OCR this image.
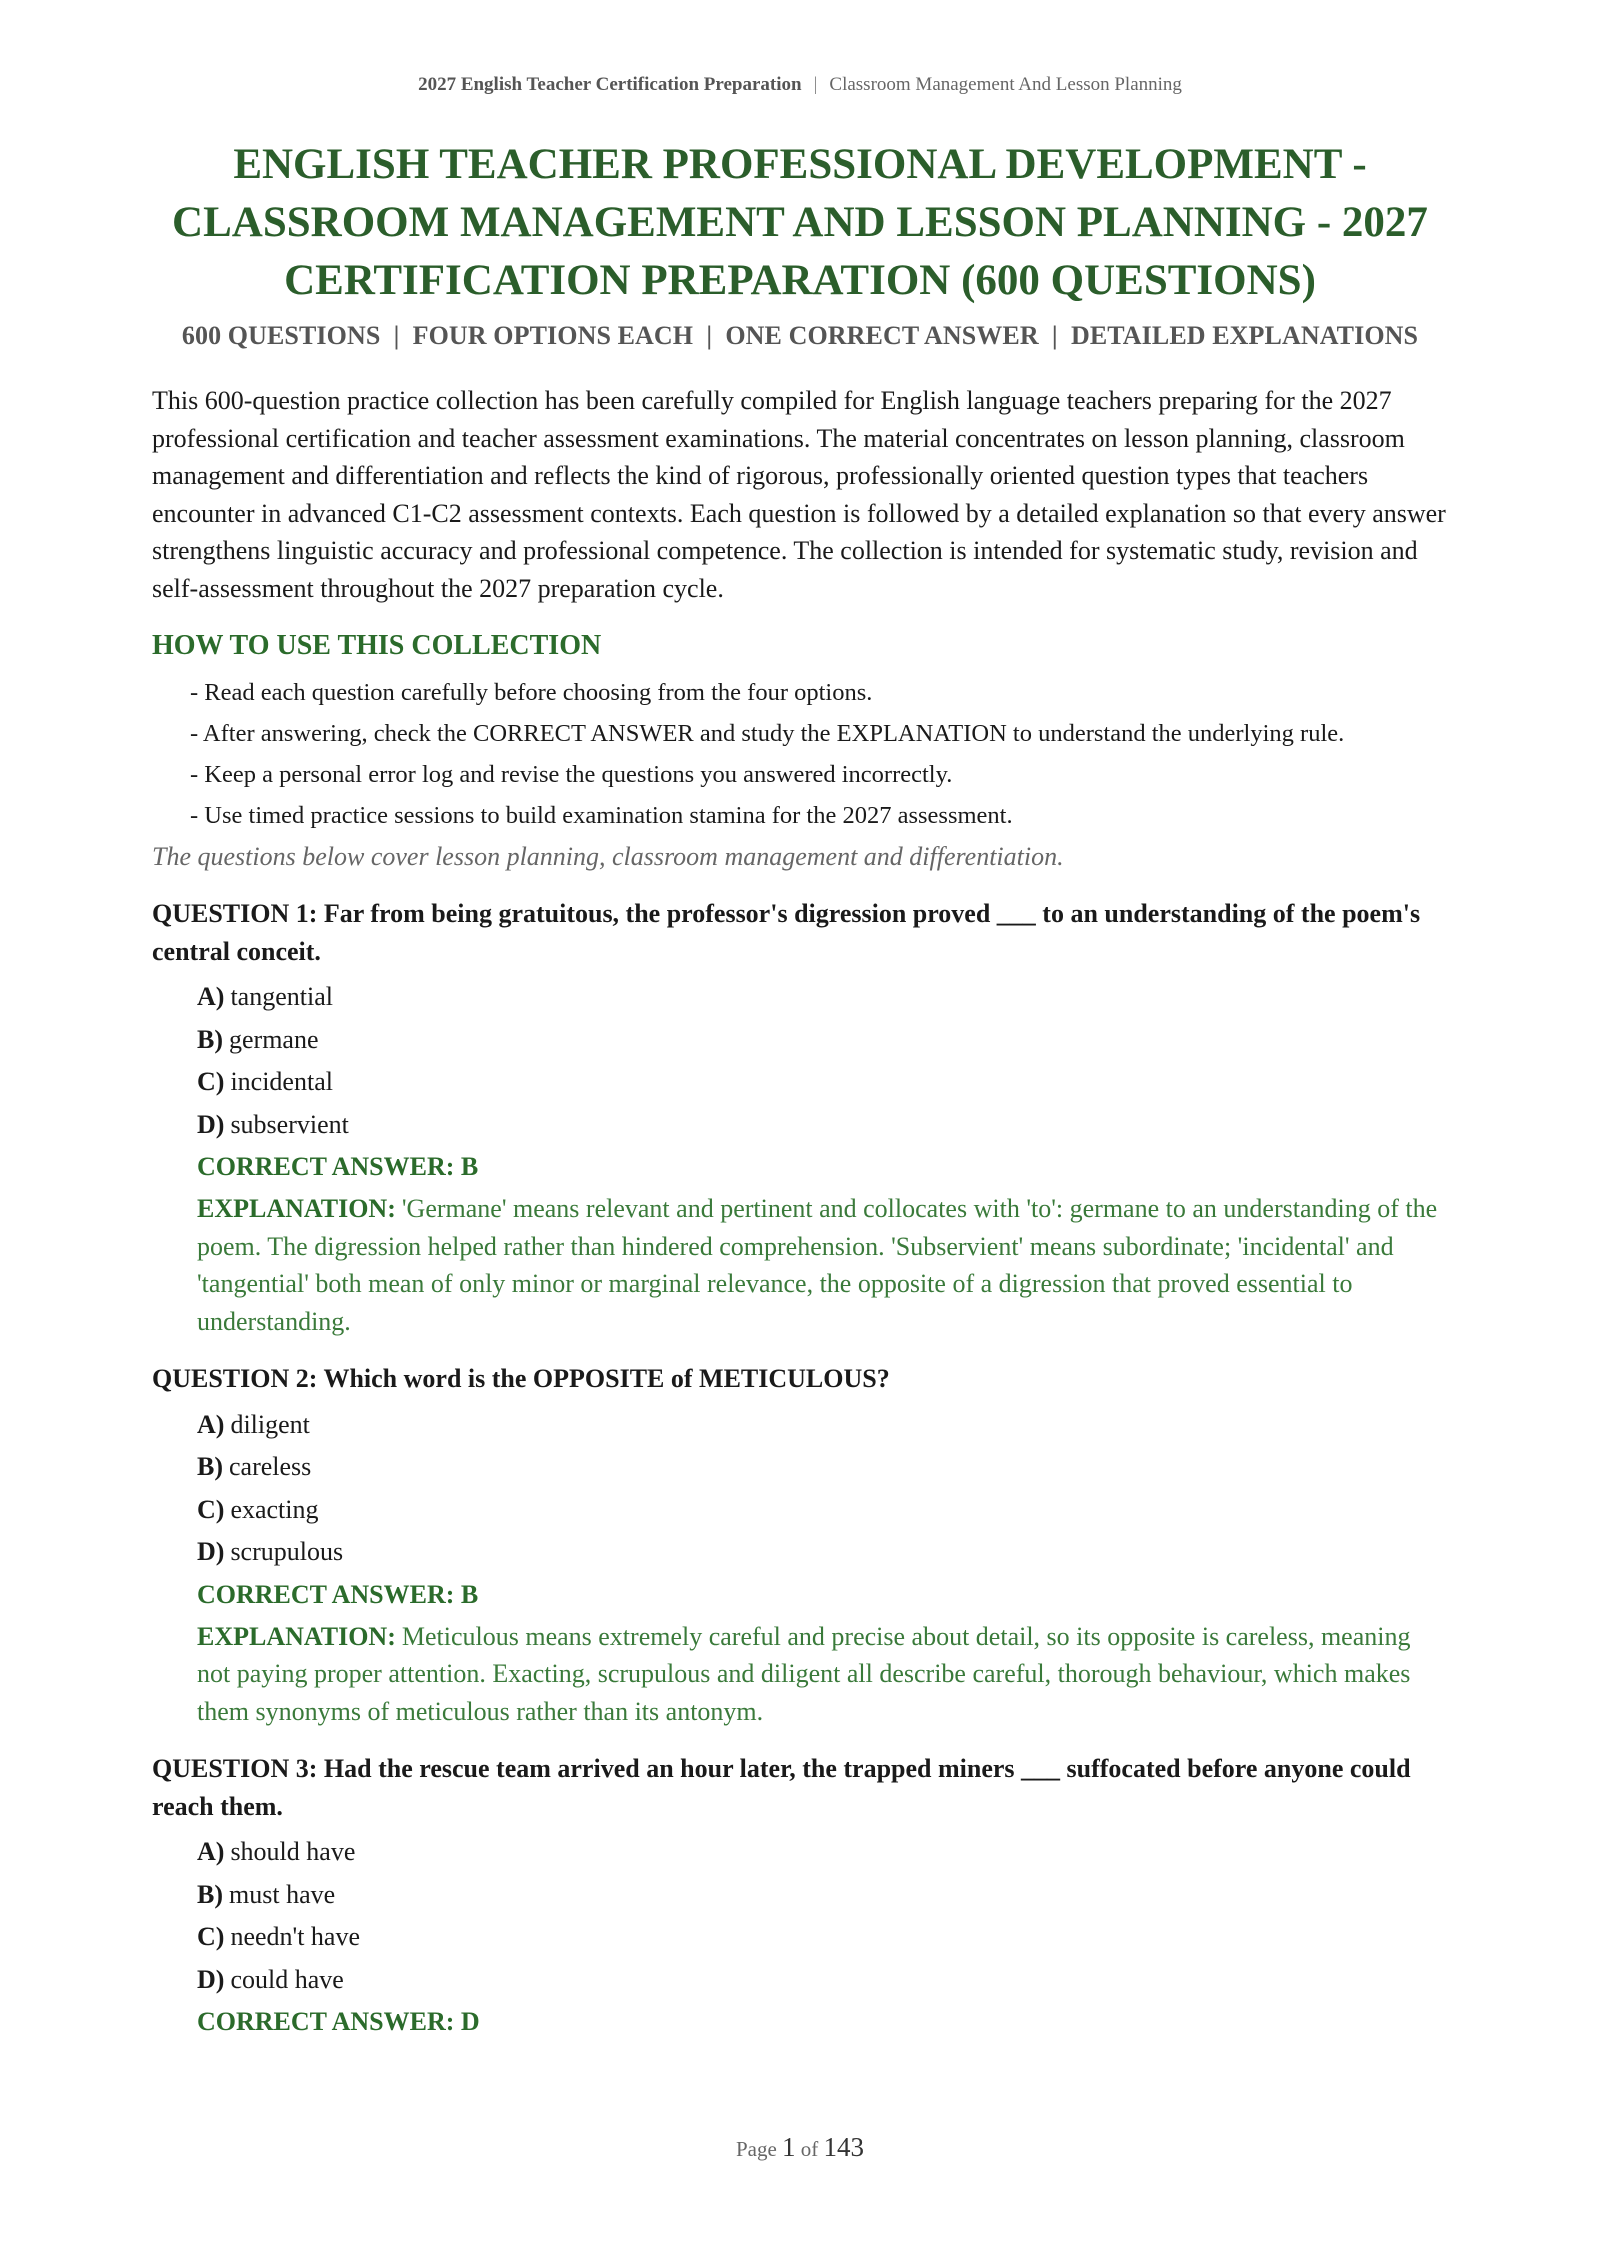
2027 English Teacher Certification Preparation | Classroom Management And Lesson Planning
ENGLISH TEACHER PROFESSIONAL DEVELOPMENT - CLASSROOM MANAGEMENT AND LESSON PLANNING - 2027 CERTIFICATION PREPARATION (600 QUESTIONS)
600 QUESTIONS  |  FOUR OPTIONS EACH  |  ONE CORRECT ANSWER  |  DETAILED EXPLANATIONS

This 600-question practice collection has been carefully compiled for English language teachers preparing for the 2027 professional certification and teacher assessment examinations. The material concentrates on lesson planning, classroom management and differentiation and reflects the kind of rigorous, professionally oriented question types that teachers encounter in advanced C1-C2 assessment contexts. Each question is followed by a detailed explanation so that every answer strengthens linguistic accuracy and professional competence. The collection is intended for systematic study, revision and self-assessment throughout the 2027 preparation cycle.

HOW TO USE THIS COLLECTION
- Read each question carefully before choosing from the four options.
- After answering, check the CORRECT ANSWER and study the EXPLANATION to understand the underlying rule.
- Keep a personal error log and revise the questions you answered incorrectly.
- Use timed practice sessions to build examination stamina for the 2027 assessment.
The questions below cover lesson planning, classroom management and differentiation.
QUESTION 1: Far from being gratuitous, the professor's digression proved ___ to an understanding of the poem's central conceit.
A) tangential
B) germane
C) incidental
D) subservient
CORRECT ANSWER: B
EXPLANATION: 'Germane' means relevant and pertinent and collocates with 'to': germane to an understanding of the poem. The digression helped rather than hindered comprehension. 'Subservient' means subordinate; 'incidental' and 'tangential' both mean of only minor or marginal relevance, the opposite of a digression that proved essential to understanding.
QUESTION 2: Which word is the OPPOSITE of METICULOUS?
A) diligent
B) careless
C) exacting
D) scrupulous
CORRECT ANSWER: B
EXPLANATION: Meticulous means extremely careful and precise about detail, so its opposite is careless, meaning not paying proper attention. Exacting, scrupulous and diligent all describe careful, thorough behaviour, which makes them synonyms of meticulous rather than its antonym.
QUESTION 3: Had the rescue team arrived an hour later, the trapped miners ___ suffocated before anyone could reach them.
A) should have
B) must have
C) needn't have
D) could have
CORRECT ANSWER: D
Page 1 of 143
